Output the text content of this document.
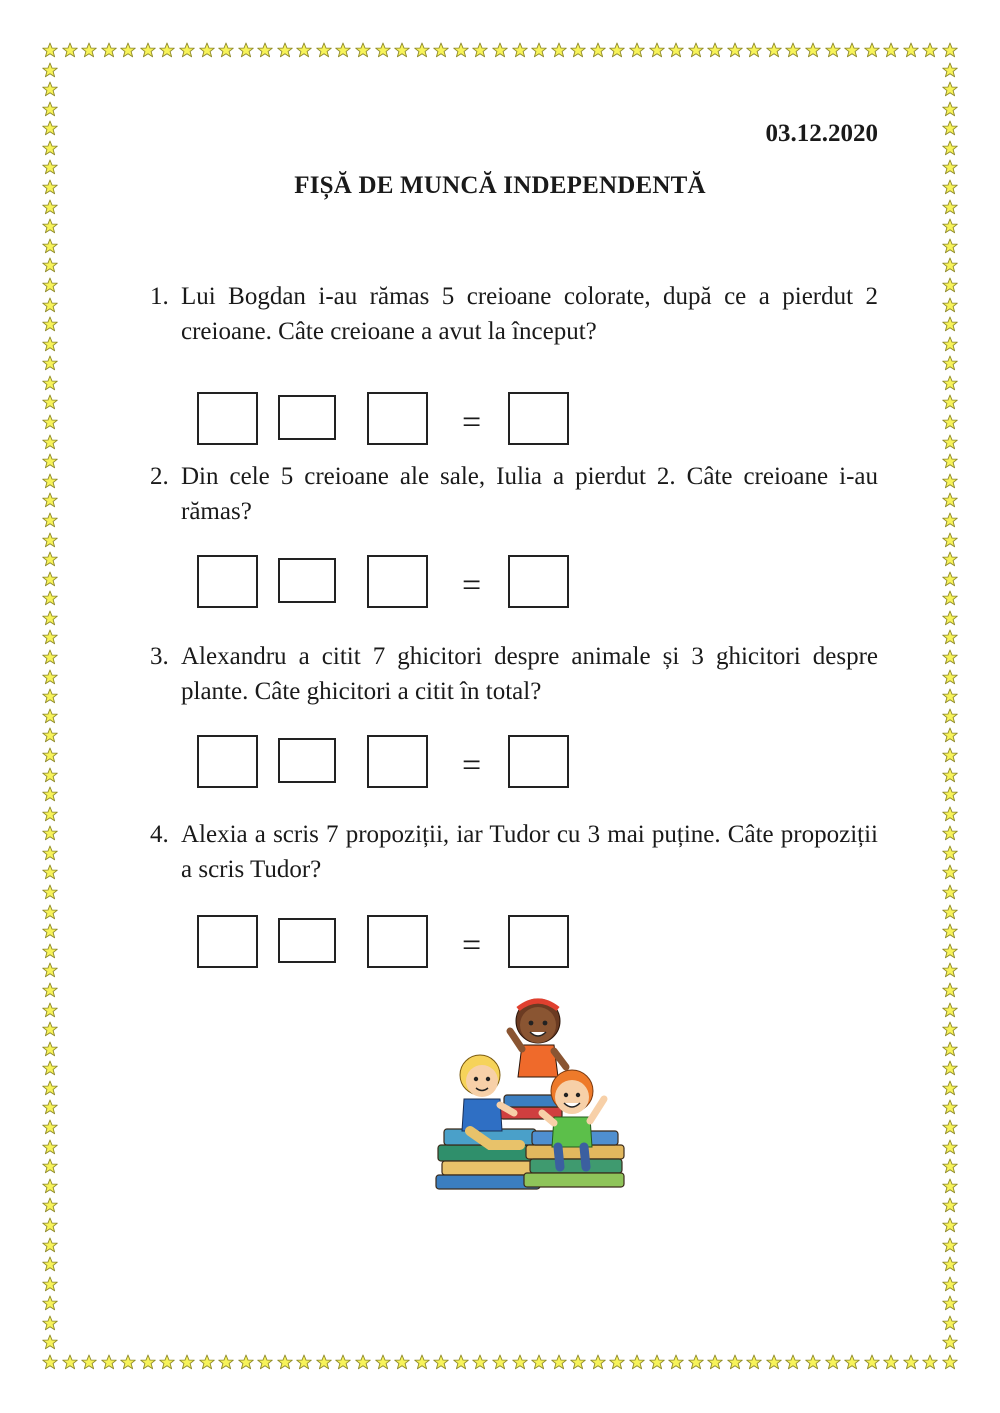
03.12.2020
FIȘĂ DE MUNCĂ INDEPENDENTĂ
1. Lui Bogdan i-au rămas 5 creioane colorate, după ce a pierdut 2 creioane. Câte creioane a avut la început?
=
2. Din cele 5 creioane ale sale, Iulia a pierdut 2. Câte creioane i-au rămas?
=
3. Alexandru a citit 7 ghicitori despre animale și 3 ghicitori despre plante. Câte ghicitori a citit în total?
=
4. Alexia a scris 7 propoziții, iar Tudor cu 3 mai puține. Câte propoziții a scris Tudor?
=
